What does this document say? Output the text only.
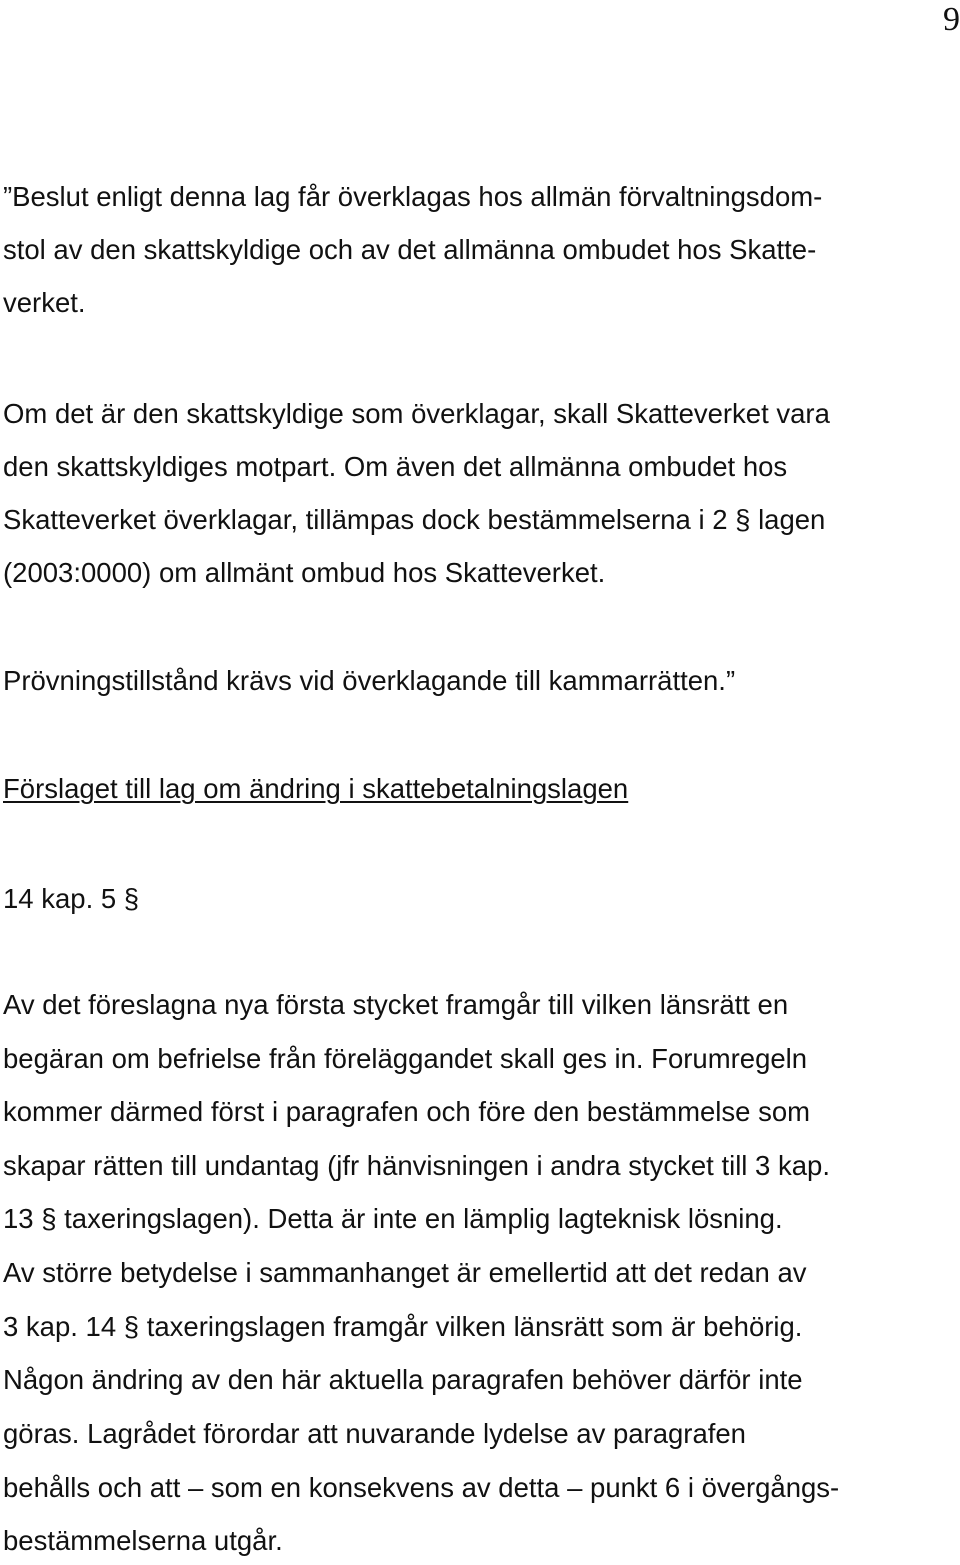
9
”Beslut enligt denna lag får överklagas hos allmän förvaltningsdom-
stol av den skattskyldige och av det allmänna ombudet hos Skatte-
verket.
Om det är den skattskyldige som överklagar, skall Skatteverket vara
den skattskyldiges motpart. Om även det allmänna ombudet hos
Skatteverket överklagar, tillämpas dock bestämmelserna i 2 § lagen
(2003:0000) om allmänt ombud hos Skatteverket.
Prövningstillstånd krävs vid överklagande till kammarrätten.”
Förslaget till lag om ändring i skattebetalningslagen
14 kap. 5 §
Av det föreslagna nya första stycket framgår till vilken länsrätt en
begäran om befrielse från föreläggandet skall ges in. Forumregeln
kommer därmed först i paragrafen och före den bestämmelse som
skapar rätten till undantag (jfr hänvisningen i andra stycket till 3 kap.
13 § taxeringslagen). Detta är inte en lämplig lagteknisk lösning.
Av större betydelse i sammanhanget är emellertid att det redan av
3 kap. 14 § taxeringslagen framgår vilken länsrätt som är behörig.
Någon ändring av den här aktuella paragrafen behöver därför inte
göras. Lagrådet förordar att nuvarande lydelse av paragrafen
behålls och att – som en konsekvens av detta – punkt 6 i övergångs-
bestämmelserna utgår.
